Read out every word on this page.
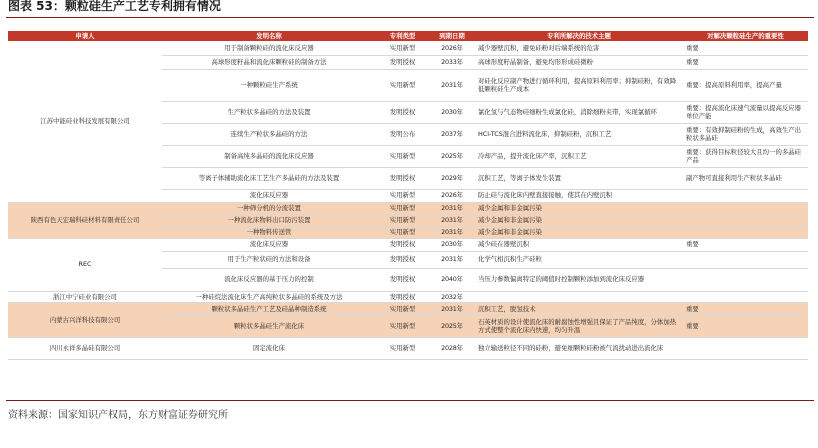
图表 53：颗粒硅生产工艺专利拥有情况
申请人	发明名称	专利类型	到期日期	专利所解决的技术主题	对解决颗粒硅生产的重要性
江苏中能硅业科技发展有限公司	用于制备颗粒硅的流化床反应器	实用新型	2026年	减少器壁沉积，避免硅粉对后端系统的危害	重要
	高球形度籽晶和流化床颗粒硅的制备方法	发明授权	2033年	高球形度籽晶制备，避免均形形成硅微粉	重要
	一种颗粒硅生产系统	实用新型	2031年	对硅化反应副产物进行循环利用，提高原料利用率；抑制硅粉，有效降低颗粒硅生产成本	重要：提高原料利用率，提高产量
	生产粒状多晶硅的方法及装置	发明授权	2030年	氯化氢与气态物硅细粉生成氯化硅，消除细粉夹带，实现氯循环	重要：提高流化床速气流量以提高反应器单位产能
	连续生产粒状多晶硅的方法	发明公布	2037年	HCl-TCS混合进料流化床，抑制硅粉，沉积工艺	重要：有效抑制硅粉的生成，高效生产出粒状多晶硅
	制备高纯多晶硅的流化床反应器	实用新型	2025年	冷却产品，提升流化床产率，沉积工艺	重要：获得目标粒径较大且均一的多晶硅产品
	等离子体辅助流化床工艺生产多晶硅的方法及装置	发明授权	2029年	沉积工艺，等离子体发生装置	副产物可直接利用生产粒状多晶硅
	流化床反应器	实用新型	2026年	防止硅与流化床内壁直接接触，使其在内壁沉积	
陕西有色天宏瑞科硅材料有限责任公司	一种筛分机的分流装置	实用新型	2031年	减少金属和非金属污染	
	一种流化床物料出口防污装置	实用新型	2031年	减少金属和非金属污染	
	一种物料传送管	实用新型	2031年	减少金属和非金属污染	
REC	流化床反应器	发明授权	2030年	减少硅在器壁沉积	重要
	用于生产粒状硅的方法和设备	发明授权	2031年	化学气相沉积生产硅粒	
	流化床反应器的基于压力的控制	发明授权	2040年	当压力参数偏离特定的阈值时控制颗粒添加到流化床反应器	
浙江中宁硅业有限公司	一种硅烷法流化床生产高纯粒状多晶硅的系统及方法	发明授权	2032年		
内蒙古兴洋科技有限公司	颗粒状多晶硅生产工艺及硅晶种制造系统	实用新型	2031年	沉积工艺，脱氢技术	重要
	颗粒状多晶硅生产流化床	实用新型	2025年	石英材质的设计使流化床的耐腐蚀性增强且保证了产品纯度，分体加热方式使整个流化床内快速，均匀升温	重要
四川永祥多晶硅有限公司	固定流化床	实用新型	2028年	独立输送粒径不同的硅粉，避免细颗粒硅粉被气流扰动进出流化床	
资料来源：国家知识产权局，东方财富证券研究所
